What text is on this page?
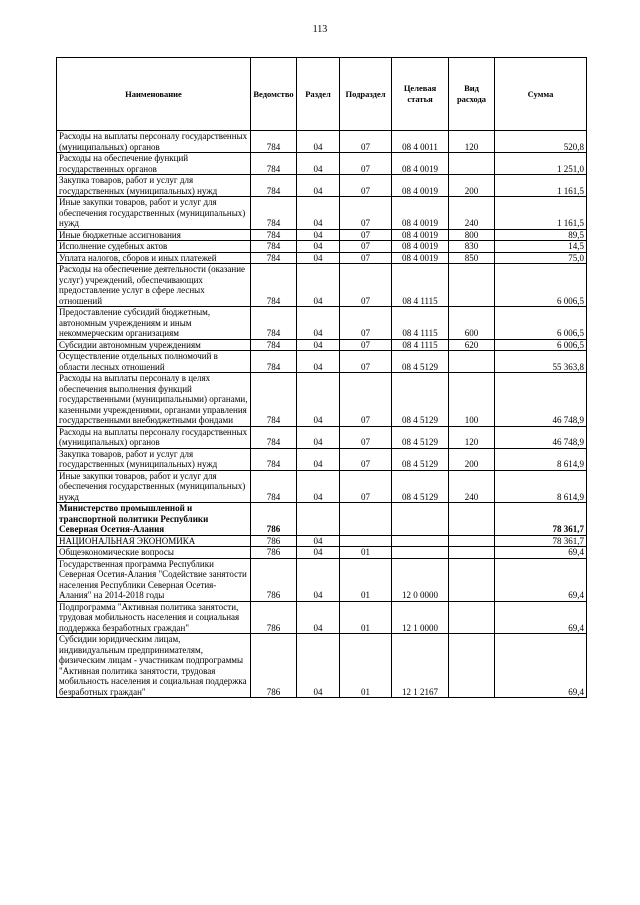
113
Наименование	Ведомство	Раздел	Подраздел	Целевая статья	Вид расхода	Сумма
Расходы на выплаты персоналу государственных (муниципальных) органов	784	04	07	08 4 0011	120	520,8
Расходы на обеспечение функций государственных органов	784	04	07	08 4 0019		1 251,0
Закупка товаров, работ и услуг для государственных (муниципальных) нужд	784	04	07	08 4 0019	200	1 161,5
Иные закупки товаров, работ и услуг для обеспечения государственных (муниципальных) нужд	784	04	07	08 4 0019	240	1 161,5
Иные бюджетные ассигнования	784	04	07	08 4 0019	800	89,5
Исполнение судебных актов	784	04	07	08 4 0019	830	14,5
Уплата налогов, сборов и иных платежей	784	04	07	08 4 0019	850	75,0
Расходы на обеспечение деятельности (оказание услуг) учреждений, обеспечивающих предоставление услуг в сфере лесных отношений	784	04	07	08 4 1115		6 006,5
Предоставление субсидий бюджетным, автономным учреждениям и иным некоммерческим организациям	784	04	07	08 4 1115	600	6 006,5
Субсидии автономным учреждениям	784	04	07	08 4 1115	620	6 006,5
Осуществление отдельных полномочий в области лесных отношений	784	04	07	08 4 5129		55 363,8
Расходы на выплаты персоналу в целях обеспечения выполнения функций государственными (муниципальными) органами, казенными учреждениями, органами управления государственными внебюджетными фондами	784	04	07	08 4 5129	100	46 748,9
Расходы на выплаты персоналу государственных (муниципальных) органов	784	04	07	08 4 5129	120	46 748,9
Закупка товаров, работ и услуг для государственных (муниципальных) нужд	784	04	07	08 4 5129	200	8 614,9
Иные закупки товаров, работ и услуг для обеспечения государственных (муниципальных) нужд	784	04	07	08 4 5129	240	8 614,9
Министерство промышленной и транспортной политики Республики Северная Осетия-Алания	786					78 361,7
НАЦИОНАЛЬНАЯ ЭКОНОМИКА	786	04				78 361,7
Общеэкономические вопросы	786	04	01			69,4
Государственная программа Республики Северная Осетия-Алания "Содействие занятости населения Республики Северная Осетия-Алания" на 2014-2018 годы	786	04	01	12 0 0000		69,4
Подпрограмма "Активная политика занятости, трудовая мобильность населения и социальная поддержка безработных граждан"	786	04	01	12 1 0000		69,4
Субсидии юридическим лицам, индивидуальным предпринимателям, физическим лицам - участникам подпрограммы "Активная политика занятости, трудовая мобильность населения и социальная поддержка безработных граждан"	786	04	01	12 1 2167		69,4
